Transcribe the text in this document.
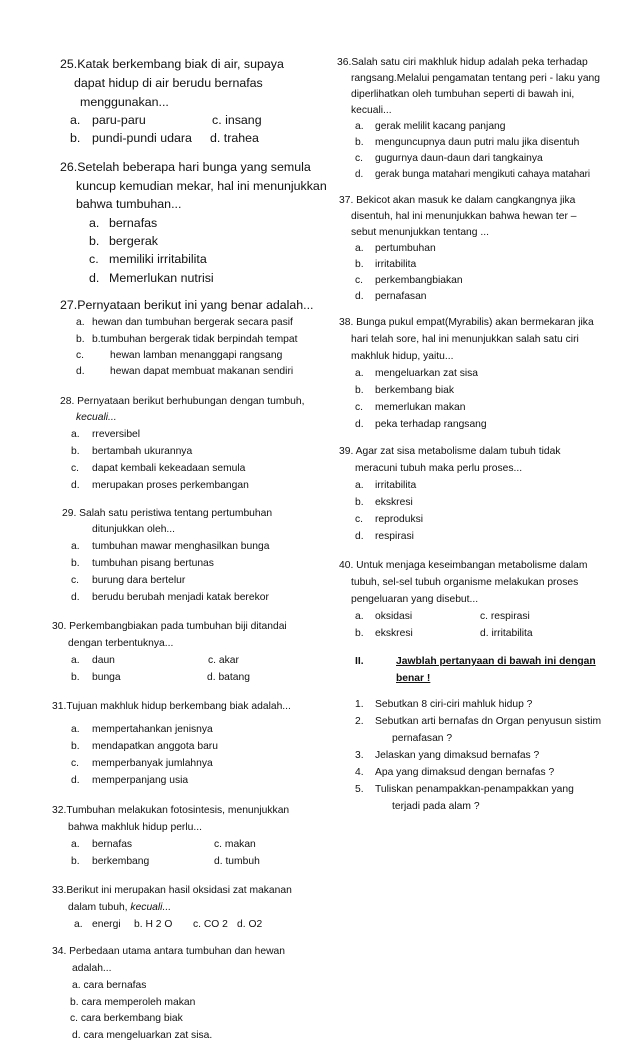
25.Katak berkembang biak di air, supaya
dapat hidup di air berudu bernafas
menggunakan...
a. paru-paru	c. insang
b. pundi-pundi udara d. trahea
26.Setelah beberapa hari bunga yang semula
kuncup kemudian mekar, hal ini menunjukkan
bahwa tumbuhan...
a. bernafas
b. bergerak
c. memiliki irritabilita
d. Memerlukan nutrisi
27.Pernyataan berikut ini yang benar adalah...
a. hewan dan tumbuhan bergerak secara pasif
b. b.tumbuhan bergerak tidak berpindah tempat
c.	hewan lamban menanggapi rangsang
d. hewan dapat membuat makanan sendiri
28. Pernyataan berikut berhubungan dengan tumbuh,
kecuali...
a. rreversibel
b. bertambah ukurannya
c. dapat kembali kekeadaan semula
d. merupakan proses perkembangan
29. Salah satu peristiwa tentang pertumbuhan
ditunjukkan oleh...
a. tumbuhan mawar menghasilkan bunga
b. tumbuhan pisang bertunas
c. burung dara bertelur
d. berudu berubah menjadi katak berekor
30. Perkembangbiakan pada tumbuhan biji ditandai
dengan terbentuknya...
a. daun	c. akar
b. bunga	d. batang
31.Tujuan makhluk hidup berkembang biak adalah...
a. mempertahankan jenisnya
b. mendapatkan anggota baru
c. memperbanyak jumlahnya
d. memperpanjang usia
32.Tumbuhan melakukan fotosintesis, menunjukkan
bahwa makhluk hidup perlu...
a. bernafas	c. makan
b. berkembang	d. tumbuh
33.Berikut ini merupakan hasil oksidasi zat makanan
dalam tubuh, kecuali...
a. energi b. H 2 O c. CO 2 d. O2
34. Perbedaan utama antara tumbuhan dan hewan
adalah...
a. cara bernafas
b. cara memperoleh makan
c. cara berkembang biak
d. cara mengeluarkan zat sisa.
36.Salah satu ciri makhluk hidup adalah peka terhadap
rangsang.Melalui pengamatan tentang peri - laku yang
diperlihatkan oleh tumbuhan seperti di bawah ini,
kecuali...
a. gerak melilit kacang panjang
b. menguncupnya daun putri malu jika disentuh
c. gugurnya daun-daun dari tangkainya
d. gerak bunga matahari mengikuti cahaya matahari
37. Bekicot akan masuk ke dalam cangkangnya jika
disentuh, hal ini menunjukkan bahwa hewan ter –
sebut menunjukkan tentang ...
a. pertumbuhan
b. irritabilita
c. perkembangbiakan
d. pernafasan
38. Bunga pukul empat(Myrabilis) akan bermekaran jika
hari telah sore, hal ini menunjukkan salah satu ciri
makhluk hidup, yaitu...
a. mengeluarkan zat sisa
b. berkembang biak
c. memerlukan makan
d. peka terhadap rangsang
39. Agar zat sisa metabolisme dalam tubuh tidak
meracuni tubuh maka perlu proses...
a. irritabilita
b. ekskresi
c. reproduksi
d. respirasi
40. Untuk menjaga keseimbangan metabolisme dalam
tubuh, sel-sel tubuh organisme melakukan proses
pengeluaran yang disebut...
a. oksidasi	c. respirasi
b. ekskresi	d. irritabilita
II.	Jawblah pertanyaan di bawah ini dengan
benar !
1. Sebutkan 8 ciri-ciri mahluk hidup ?
2. Sebutkan arti bernafas dn Organ penyusun sistim
pernafasan ?
3. Jelaskan yang dimaksud bernafas ?
4. Apa yang dimaksud dengan bernafas ?
5. Tuliskan penampakkan-penampakkan yang
terjadi pada alam ?
